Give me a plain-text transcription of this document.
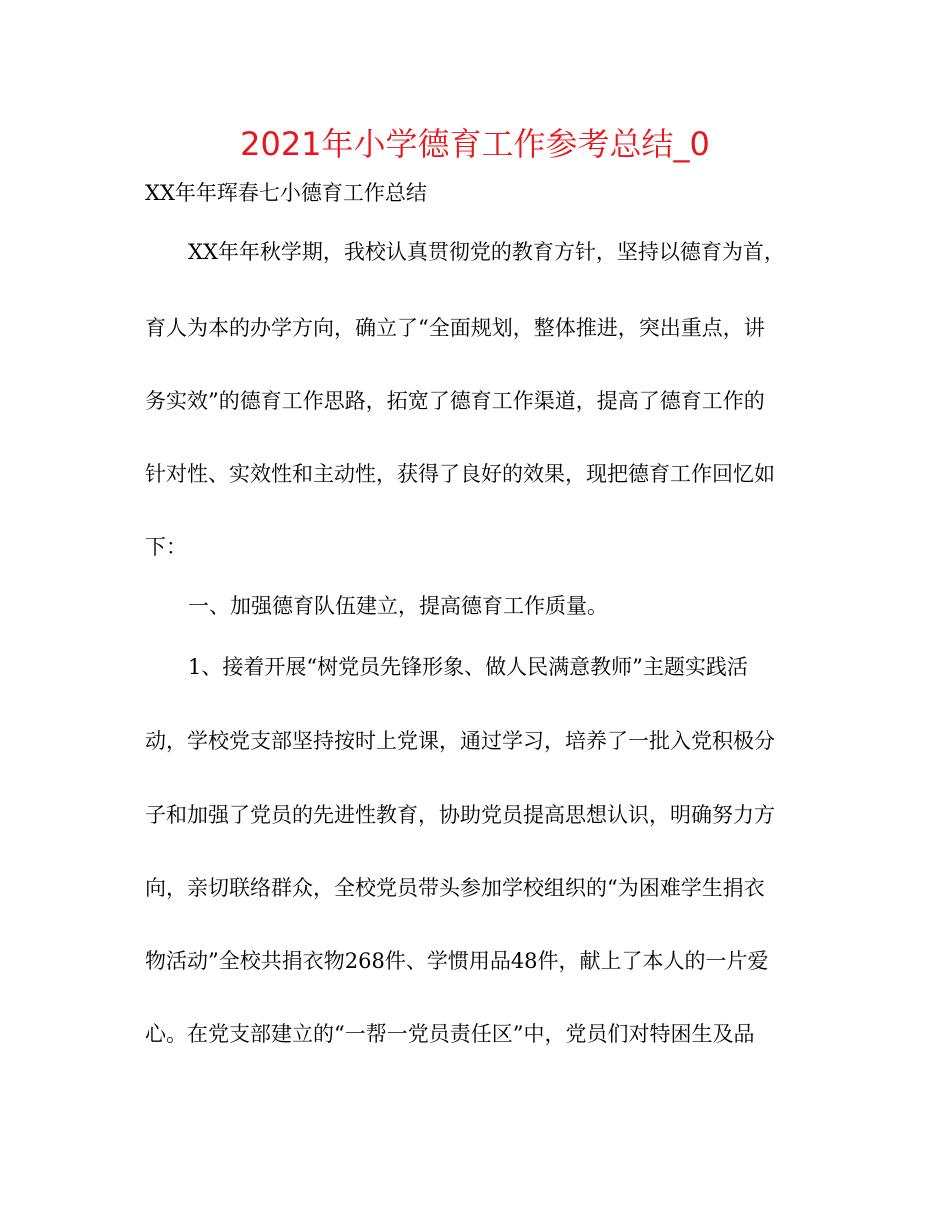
2021年小学德育工作参考总结_0

XX年年珲春七小德育工作总结

XX年年秋学期，我校认真贯彻党的教育方针，坚持以德育为首，

育人为本的办学方向，确立了“全面规划，整体推进，突出重点，讲

务实效”的德育工作思路，拓宽了德育工作渠道，提高了德育工作的

针对性、实效性和主动性，获得了良好的效果，现把德育工作回忆如

下：

一、加强德育队伍建立，提高德育工作质量。

1、接着开展“树党员先锋形象、做人民满意教师”主题实践活

动，学校党支部坚持按时上党课，通过学习，培养了一批入党积极分

子和加强了党员的先进性教育，协助党员提高思想认识，明确努力方

向，亲切联络群众，全校党员带头参加学校组织的“为困难学生捐衣

物活动”全校共捐衣物268件、学惯用品48件，献上了本人的一片爱

心。在党支部建立的“一帮一党员责任区”中，党员们对特困生及品
